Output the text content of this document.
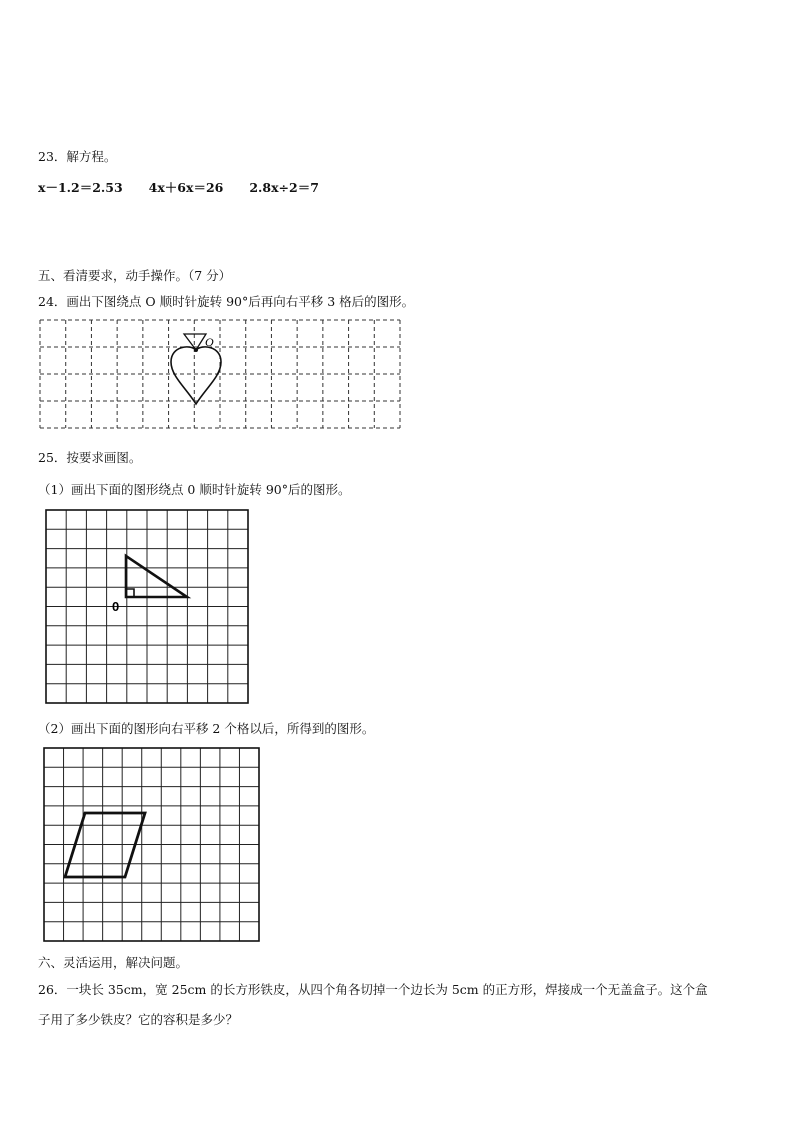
23．解方程。
x－1.2＝2.53 4x＋6x＝26 2.8x÷2＝7
五、看清要求，动手操作。（7 分）
24．画出下图绕点 O 顺时针旋转 90°后再向右平移 3 格后的图形。
O
25．按要求画图。
（1）画出下面的图形绕点 0 顺时针旋转 90°后的图形。
0
（2）画出下面的图形向右平移 2 个格以后，所得到的图形。
六、灵活运用，解决问题。
26．一块长 35cm，宽 25cm 的长方形铁皮，从四个角各切掉一个边长为 5cm 的正方形，焊接成一个无盖盒子。这个盒
子用了多少铁皮？它的容积是多少？
